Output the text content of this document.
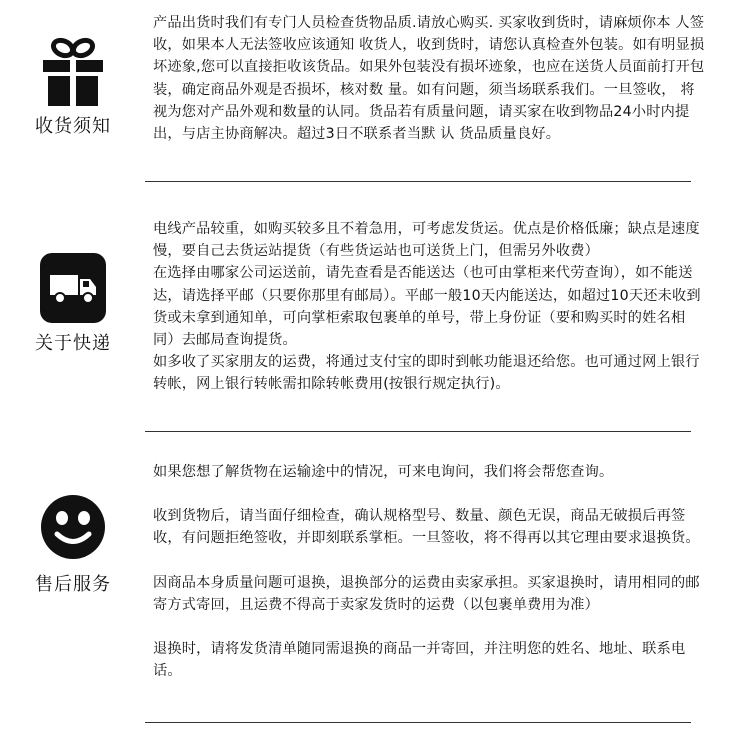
收货须知

产品出货时我们有专门人员检查货物品质.请放心购买. 买家收到货时，请麻烦你本 人签收，如果本人无法签收应该通知 收货人，收到货时，请您认真检查外包装。如有明显损坏迹象,您可以直接拒收该货品。如果外包装没有损坏迹象，也应在送货人员面前打开包装，确定商品外观是否损坏，核对数 量。如有问题，须当场联系我们。一旦签收， 将视为您对产品外观和数量的认同。货品若有质量问题，请买家在收到物品24小时内提出，与店主协商解决。超过3日不联系者当默 认 货品质量良好。

关于快递

电线产品较重，如购买较多且不着急用，可考虑发货运。优点是价格低廉；缺点是速度慢，要自己去货运站提货（有些货运站也可送货上门，但需另外收费）

在选择由哪家公司运送前，请先查看是否能送达（也可由掌柜来代劳查询），如不能送达，请选择平邮（只要你那里有邮局）。平邮一般10天内能送达，如超过10天还未收到货或未拿到通知单，可向掌柜索取包裹单的单号，带上身份证（要和购买时的姓名相同）去邮局查询提货。

如多收了买家朋友的运费，将通过支付宝的即时到帐功能退还给您。也可通过网上银行转帐，网上银行转帐需扣除转帐费用(按银行规定执行)。

售后服务

如果您想了解货物在运输途中的情况，可来电询问，我们将会帮您查询。

收到货物后，请当面仔细检查，确认规格型号、数量、颜色无误，商品无破损后再签收，有问题拒绝签收，并即刻联系掌柜。一旦签收，将不得再以其它理由要求退换货。

因商品本身质量问题可退换，退换部分的运费由卖家承担。买家退换时，请用相同的邮寄方式寄回，且运费不得高于卖家发货时的运费（以包裹单费用为准）

退换时，请将发货清单随同需退换的商品一并寄回，并注明您的姓名、地址、联系电话。
